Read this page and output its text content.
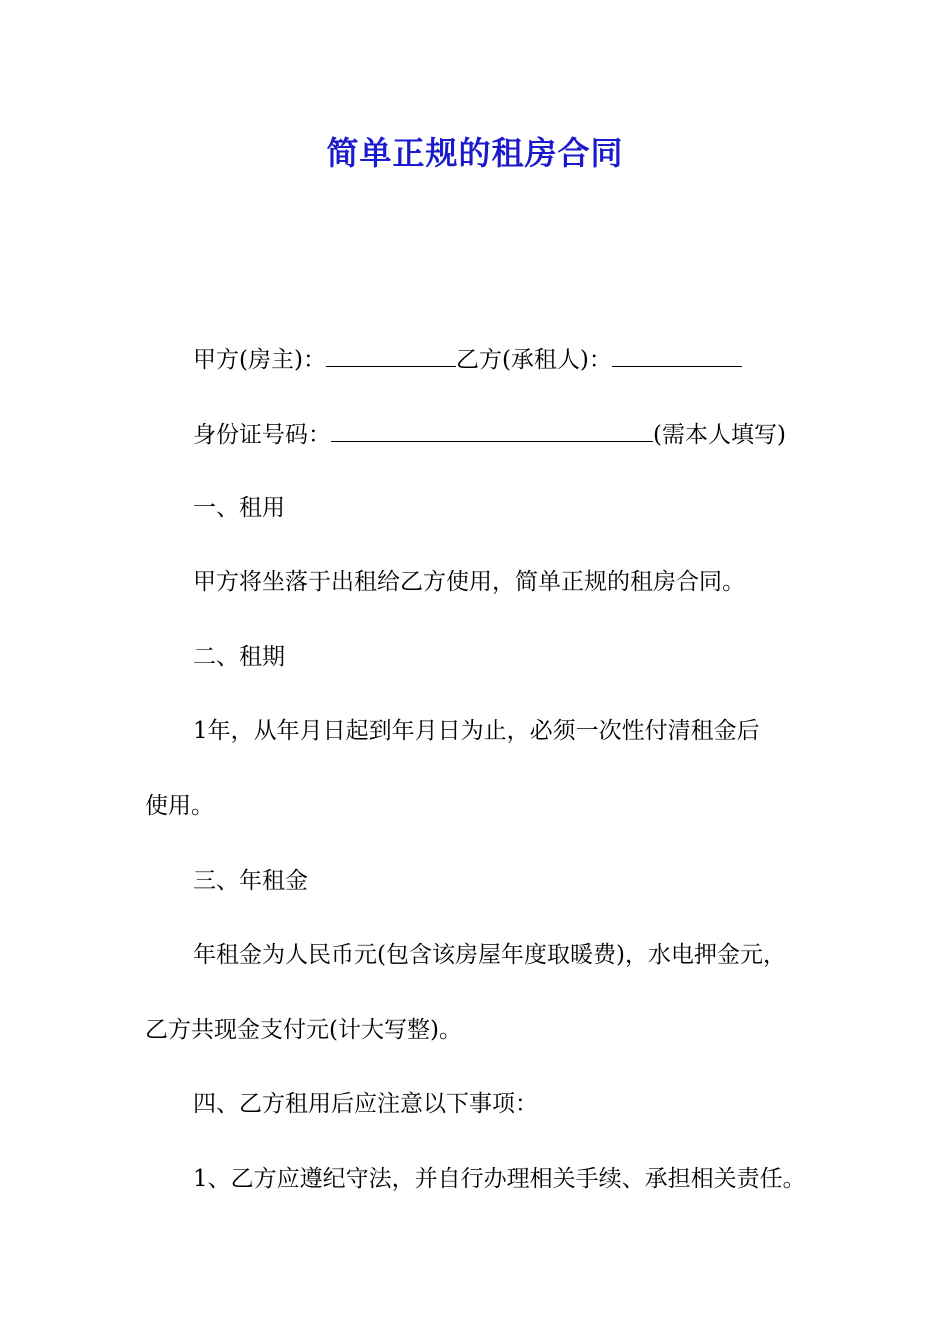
简单正规的租房合同
甲方(房主)：	乙方(承租人)：
身份证号码：	(需本人填写)
一、租用
甲方将坐落于出租给乙方使用，简单正规的租房合同。
二、租期
1年，从年月日起到年月日为止，必须一次性付清租金后
使用。
三、年租金
年租金为人民币元(包含该房屋年度取暖费)，水电押金元，
乙方共现金支付元(计大写整)。
四、乙方租用后应注意以下事项：
1、乙方应遵纪守法，并自行办理相关手续、承担相关责任。
